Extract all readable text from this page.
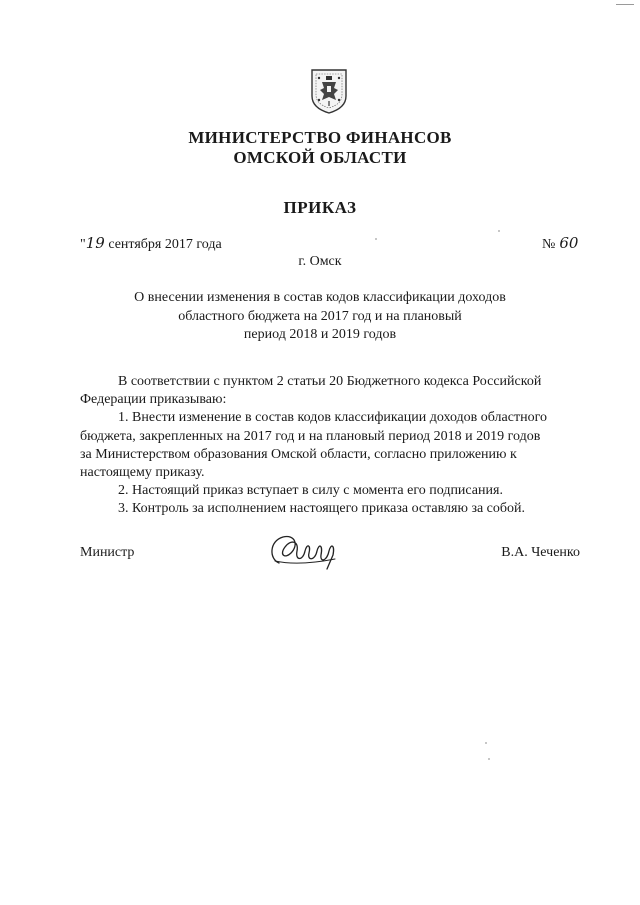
МИНИСТЕРСТВО ФИНАНСОВ
ОМСКОЙ ОБЛАСТИ
ПРИКАЗ
"19 сентября 2017 года	№ 60
г. Омск
О внесении изменения в состав кодов классификации доходов
областного бюджета на 2017 год и на плановый
период 2018 и 2019 годов

В соответствии с пунктом 2 статьи 20 Бюджетного кодекса Российской

Федерации приказываю:

1. Внести изменение в состав кодов классификации доходов областного

бюджета, закрепленных на 2017 год и на плановый период 2018 и 2019 годов
за Министерством образования Омской области, согласно приложению к
настоящему приказу.

2. Настоящий приказ вступает в силу с момента его подписания.

3. Контроль за исполнением настоящего приказа оставляю за собой.

Министр	В.А. Чеченко
